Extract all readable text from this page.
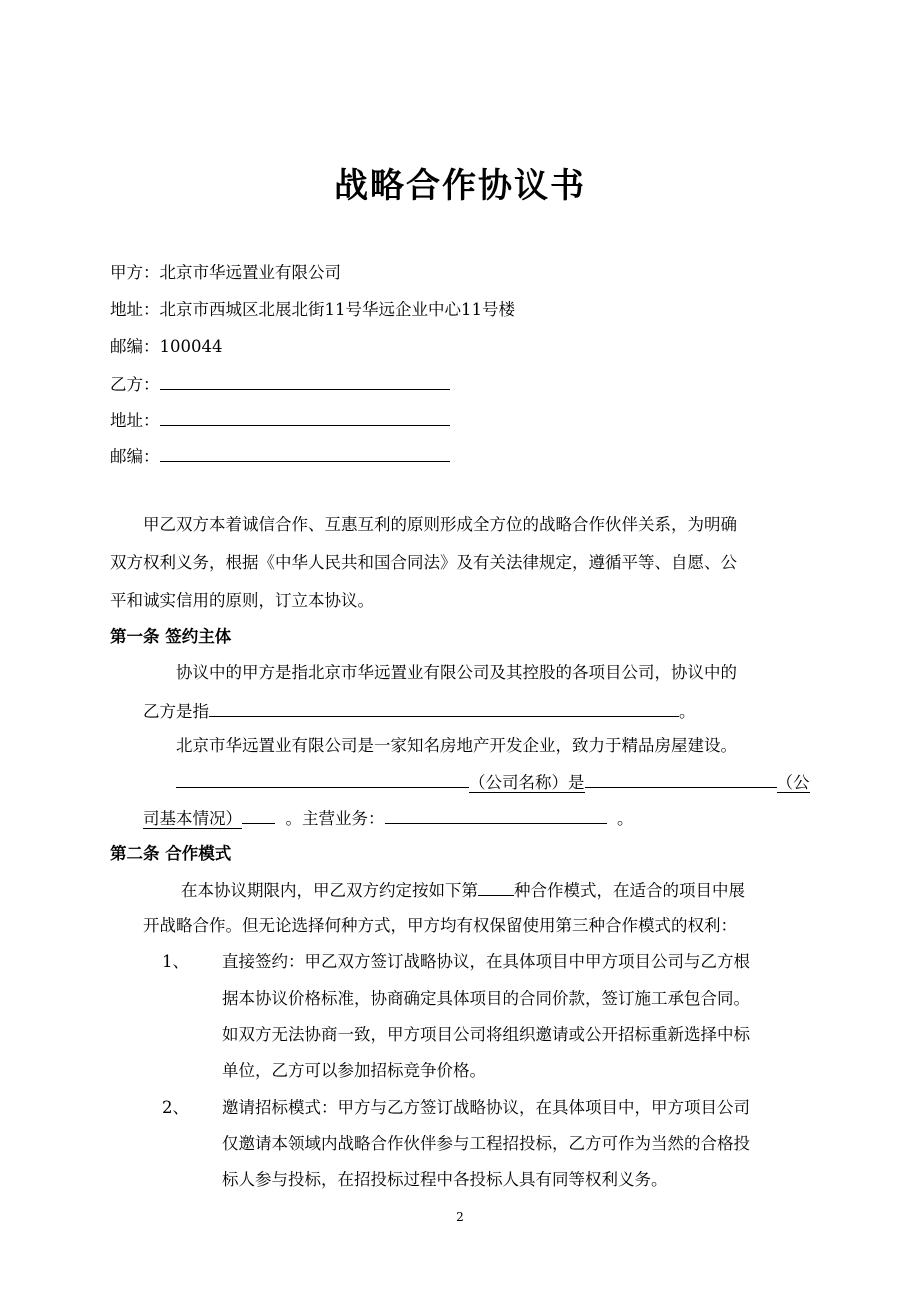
战略合作协议书
甲方：北京市华远置业有限公司
地址：北京市西城区北展北街11号华远企业中心11号楼
邮编：100044
乙方：
地址：
邮编：
甲乙双方本着诚信合作、互惠互利的原则形成全方位的战略合作伙伴关系，为明确
双方权利义务，根据《中华人民共和国合同法》及有关法律规定，遵循平等、自愿、公
平和诚实信用的原则，订立本协议。
第一条 签约主体
协议中的甲方是指北京市华远置业有限公司及其控股的各项目公司，协议中的
乙方是指	。
北京市华远置业有限公司是一家知名房地产开发企业，致力于精品房屋建设。
（公司名称）是	（公
司基本情况）	。主营业务：	。
第二条 合作模式
在本协议期限内，甲乙双方约定按如下第 种合作模式，在适合的项目中展
开战略合作。但无论选择何种方式，甲方均有权保留使用第三种合作模式的权利：
1、 直接签约：甲乙双方签订战略协议，在具体项目中甲方项目公司与乙方根
据本协议价格标准，协商确定具体项目的合同价款，签订施工承包合同。
如双方无法协商一致，甲方项目公司将组织邀请或公开招标重新选择中标
单位，乙方可以参加招标竞争价格。
2、 邀请招标模式：甲方与乙方签订战略协议，在具体项目中，甲方项目公司
仅邀请本领域内战略合作伙伴参与工程招投标，乙方可作为当然的合格投
标人参与投标，在招投标过程中各投标人具有同等权利义务。
2
